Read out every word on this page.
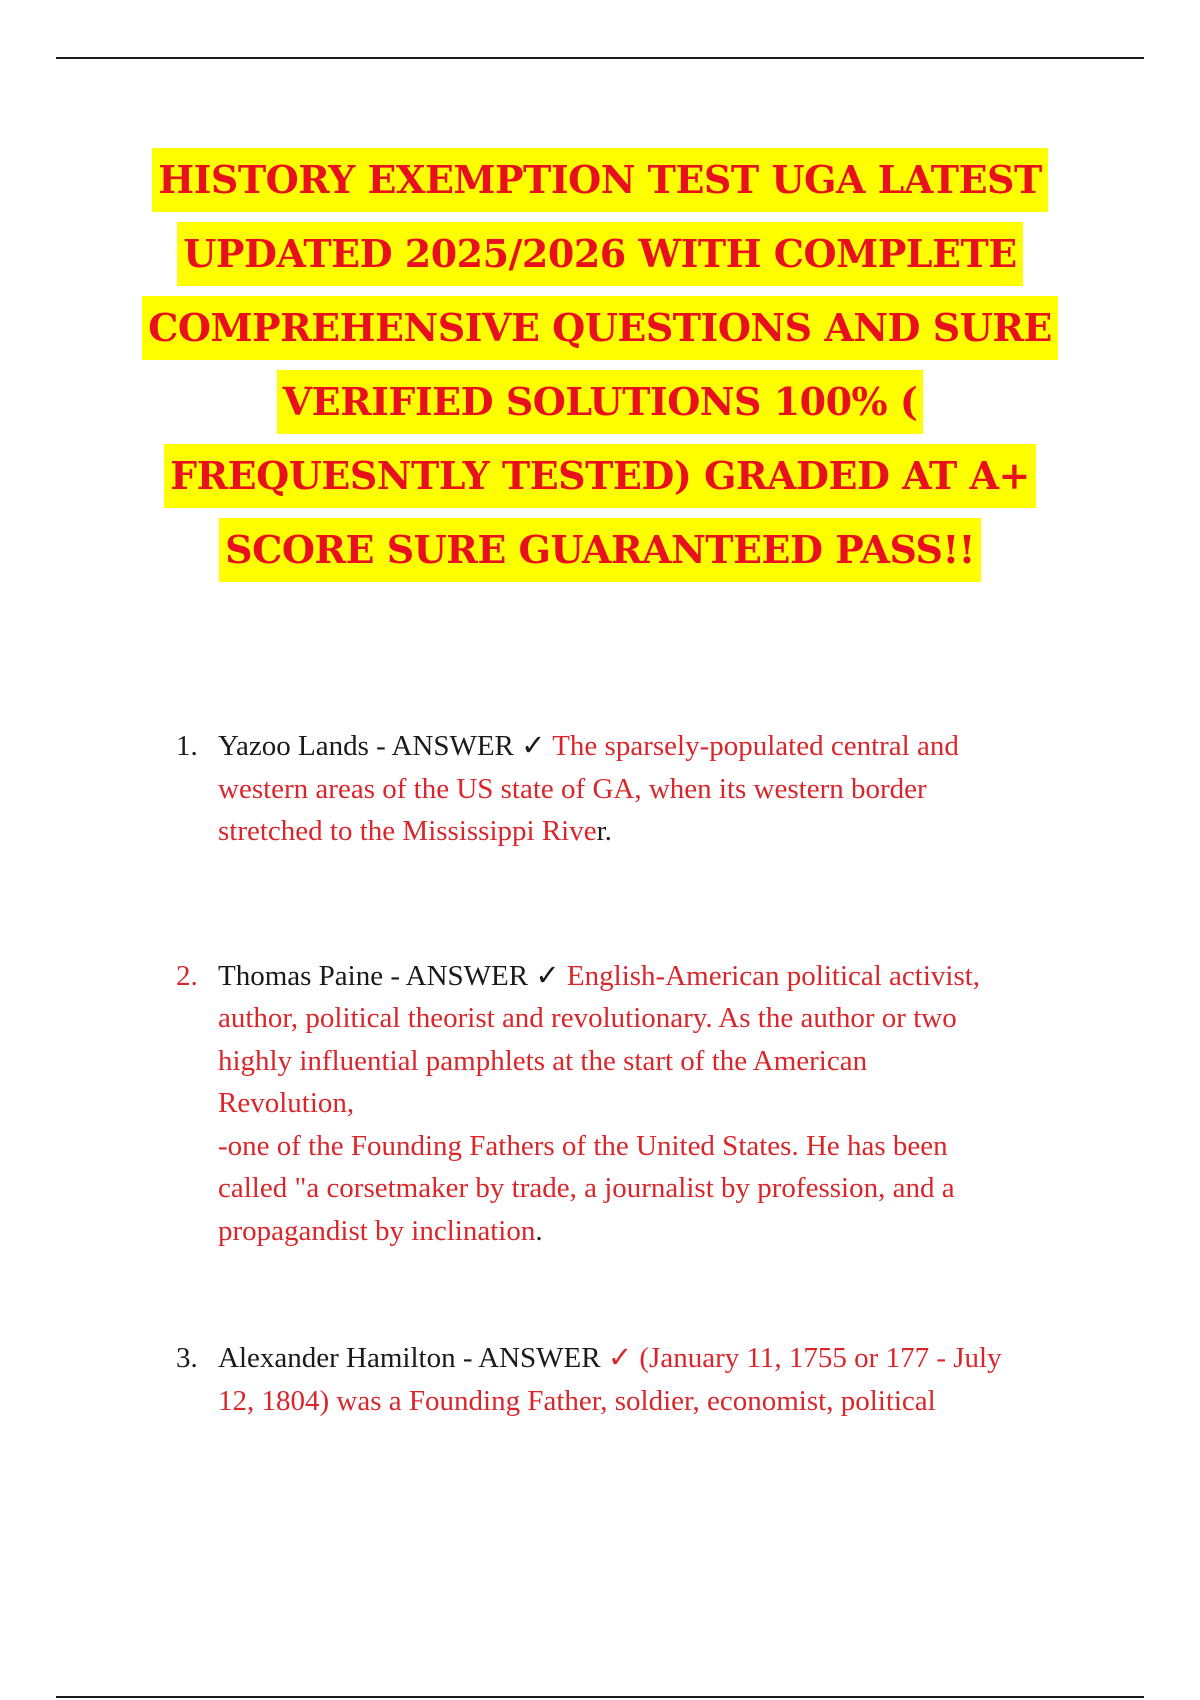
HISTORY EXEMPTION TEST UGA LATEST
UPDATED 2025/2026 WITH COMPLETE
COMPREHENSIVE QUESTIONS AND SURE
VERIFIED SOLUTIONS 100% (
FREQUESNTLY TESTED) GRADED AT A+
SCORE SURE GUARANTEED PASS!!
1. Yazoo Lands - ANSWER ✓ The sparsely-populated central and
western areas of the US state of GA, when its western border
stretched to the Mississippi River.
2. Thomas Paine - ANSWER ✓ English-American political activist,
author, political theorist and revolutionary. As the author or two
highly influential pamphlets at the start of the American
Revolution,
-one of the Founding Fathers of the United States. He has been
called "a corsetmaker by trade, a journalist by profession, and a
propagandist by inclination.
3. Alexander Hamilton - ANSWER ✓ (January 11, 1755 or 177 - July
12, 1804) was a Founding Father, soldier, economist, political
